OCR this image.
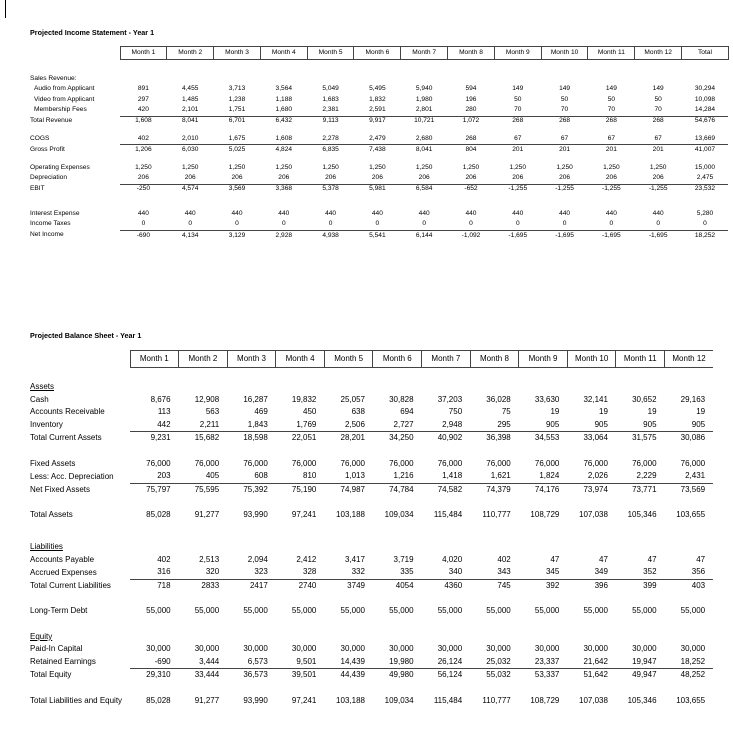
Projected Income Statement - Year 1
	Month 1	Month 2	Month 3	Month 4	Month 5	Month 6	Month 7	Month 8	Month 9	Month 10	Month 11	Month 12	Total

Sales Revenue:													
Audio from Applicant	891	4,455	3,713	3,564	5,049	5,495	5,940	594	149	149	149	149	30,294
Video from Applicant	297	1,485	1,238	1,188	1,683	1,832	1,980	196	50	50	50	50	10,098
Membership Fees	420	2,101	1,751	1,680	2,381	2,591	2,801	280	70	70	70	70	14,284
Total Revenue	1,608	8,041	6,701	6,432	9,113	9,917	10,721	1,072	268	268	268	268	54,676

COGS	402	2,010	1,675	1,608	2,278	2,479	2,680	268	67	67	67	67	13,669
Gross Profit	1,206	6,030	5,025	4,824	6,835	7,438	8,041	804	201	201	201	201	41,007

Operating Expenses	1,250	1,250	1,250	1,250	1,250	1,250	1,250	1,250	1,250	1,250	1,250	1,250	15,000
Depreciation	206	206	206	206	206	206	206	206	206	206	206	206	2,475
EBIT	-250	4,574	3,569	3,368	5,378	5,981	6,584	-652	-1,255	-1,255	-1,255	-1,255	23,532

Interest Expense	440	440	440	440	440	440	440	440	440	440	440	440	5,280
Income Taxes	0	0	0	0	0	0	0	0	0	0	0	0	0
Net Income	-690	4,134	3,129	2,928	4,938	5,541	6,144	-1,092	-1,695	-1,695	-1,695	-1,695	18,252
Projected Balance Sheet - Year 1
	Month 1	Month 2	Month 3	Month 4	Month 5	Month 6	Month 7	Month 8	Month 9	Month 10	Month 11	Month 12

Assets												
Cash	8,676	12,908	16,287	19,832	25,057	30,828	37,203	36,028	33,630	32,141	30,652	29,163
Accounts Receivable	113	563	469	450	638	694	750	75	19	19	19	19
Inventory	442	2,211	1,843	1,769	2,506	2,727	2,948	295	905	905	905	905
Total Current Assets	9,231	15,682	18,598	22,051	28,201	34,250	40,902	36,398	34,553	33,064	31,575	30,086

Fixed Assets	76,000	76,000	76,000	76,000	76,000	76,000	76,000	76,000	76,000	76,000	76,000	76,000
Less: Acc. Depreciation	203	405	608	810	1,013	1,216	1,418	1,621	1,824	2,026	2,229	2,431
Net Fixed Assets	75,797	75,595	75,392	75,190	74,987	74,784	74,582	74,379	74,176	73,974	73,771	73,569

Total Assets	85,028	91,277	93,990	97,241	103,188	109,034	115,484	110,777	108,729	107,038	105,346	103,655

Liabilities												
Accounts Payable	402	2,513	2,094	2,412	3,417	3,719	4,020	402	47	47	47	47
Accrued Expenses	316	320	323	328	332	335	340	343	345	349	352	356
Total Current Liabilities	718	2833	2417	2740	3749	4054	4360	745	392	396	399	403

Long-Term Debt	55,000	55,000	55,000	55,000	55,000	55,000	55,000	55,000	55,000	55,000	55,000	55,000

Equity												
Paid-In Capital	30,000	30,000	30,000	30,000	30,000	30,000	30,000	30,000	30,000	30,000	30,000	30,000
Retained Earnings	-690	3,444	6,573	9,501	14,439	19,980	26,124	25,032	23,337	21,642	19,947	18,252
Total Equity	29,310	33,444	36,573	39,501	44,439	49,980	56,124	55,032	53,337	51,642	49,947	48,252

Total Liabilities and Equity	85,028	91,277	93,990	97,241	103,188	109,034	115,484	110,777	108,729	107,038	105,346	103,655
